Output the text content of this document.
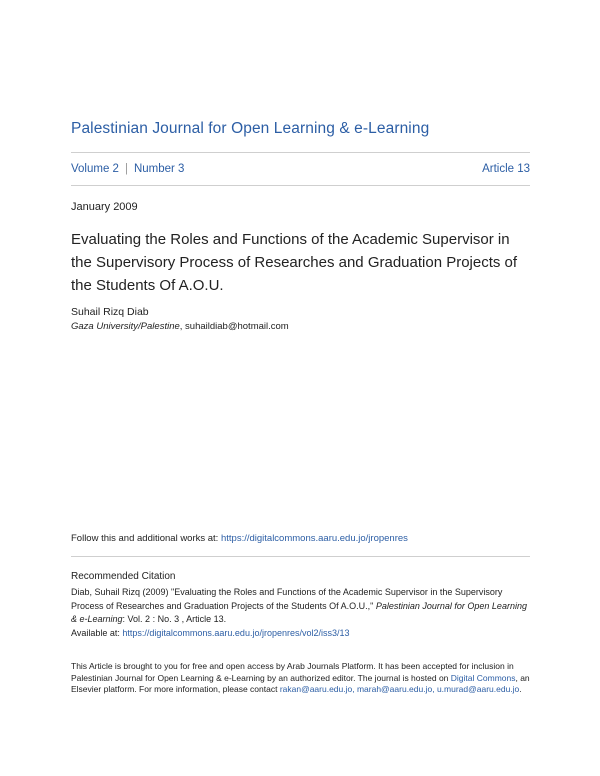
Palestinian Journal for Open Learning & e-Learning
Volume 2 | Number 3	Article 13
January 2009
Evaluating the Roles and Functions of the Academic Supervisor in the Supervisory Process of Researches and Graduation Projects of the Students Of A.O.U.
Suhail Rizq Diab
Gaza University/Palestine, suhaildiab@hotmail.com
Follow this and additional works at: https://digitalcommons.aaru.edu.jo/jropenres
Recommended Citation
Diab, Suhail Rizq (2009) "Evaluating the Roles and Functions of the Academic Supervisor in the Supervisory Process of Researches and Graduation Projects of the Students Of A.O.U.," Palestinian Journal for Open Learning & e-Learning: Vol. 2 : No. 3 , Article 13.
Available at: https://digitalcommons.aaru.edu.jo/jropenres/vol2/iss3/13
This Article is brought to you for free and open access by Arab Journals Platform. It has been accepted for inclusion in Palestinian Journal for Open Learning & e-Learning by an authorized editor. The journal is hosted on Digital Commons, an Elsevier platform. For more information, please contact rakan@aaru.edu.jo, marah@aaru.edu.jo, u.murad@aaru.edu.jo.
